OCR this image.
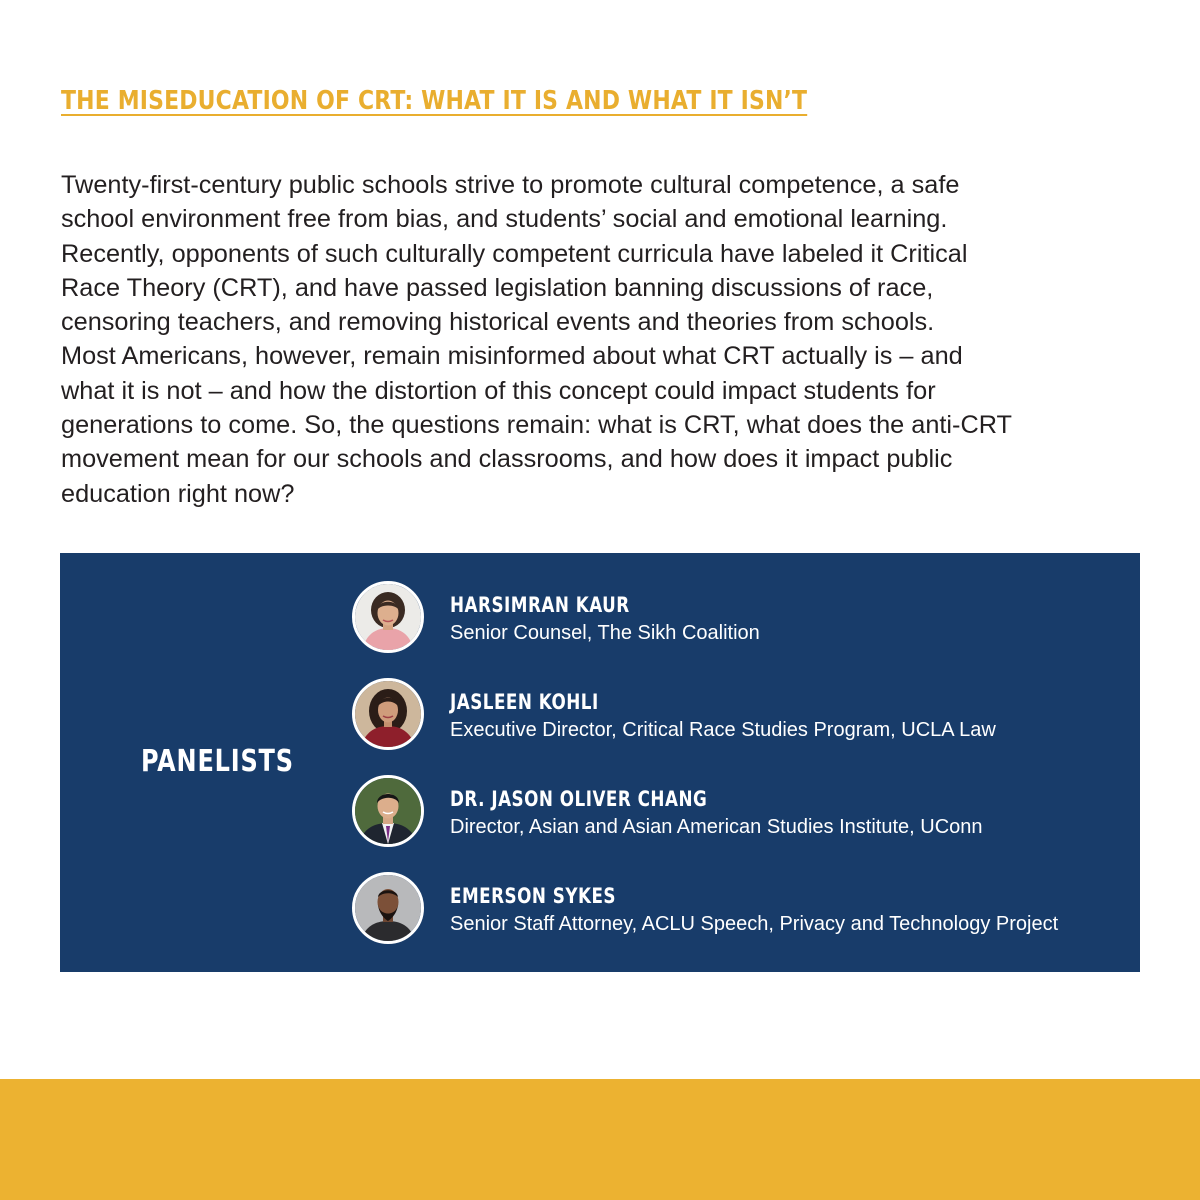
THE MISEDUCATION OF CRT: WHAT IT IS AND WHAT IT ISN’T

Twenty-first-century public schools strive to promote cultural competence, a safe
school environment free from bias, and students’ social and emotional learning.
Recently, opponents of such culturally competent curricula have labeled it Critical
Race Theory (CRT), and have passed legislation banning discussions of race,
censoring teachers, and removing historical events and theories from schools.
Most Americans, however, remain misinformed about what CRT actually is – and
what it is not – and how the distortion of this concept could impact students for
generations to come. So, the questions remain: what is CRT, what does the anti-CRT
movement mean for our schools and classrooms, and how does it impact public
education right now?

PANELISTS
HARSIMRAN KAUR
Senior Counsel, The Sikh Coalition
JASLEEN KOHLI
Executive Director, Critical Race Studies Program, UCLA Law
DR. JASON OLIVER CHANG
Director, Asian and Asian American Studies Institute, UConn
EMERSON SYKES
Senior Staff Attorney, ACLU Speech, Privacy and Technology Project
